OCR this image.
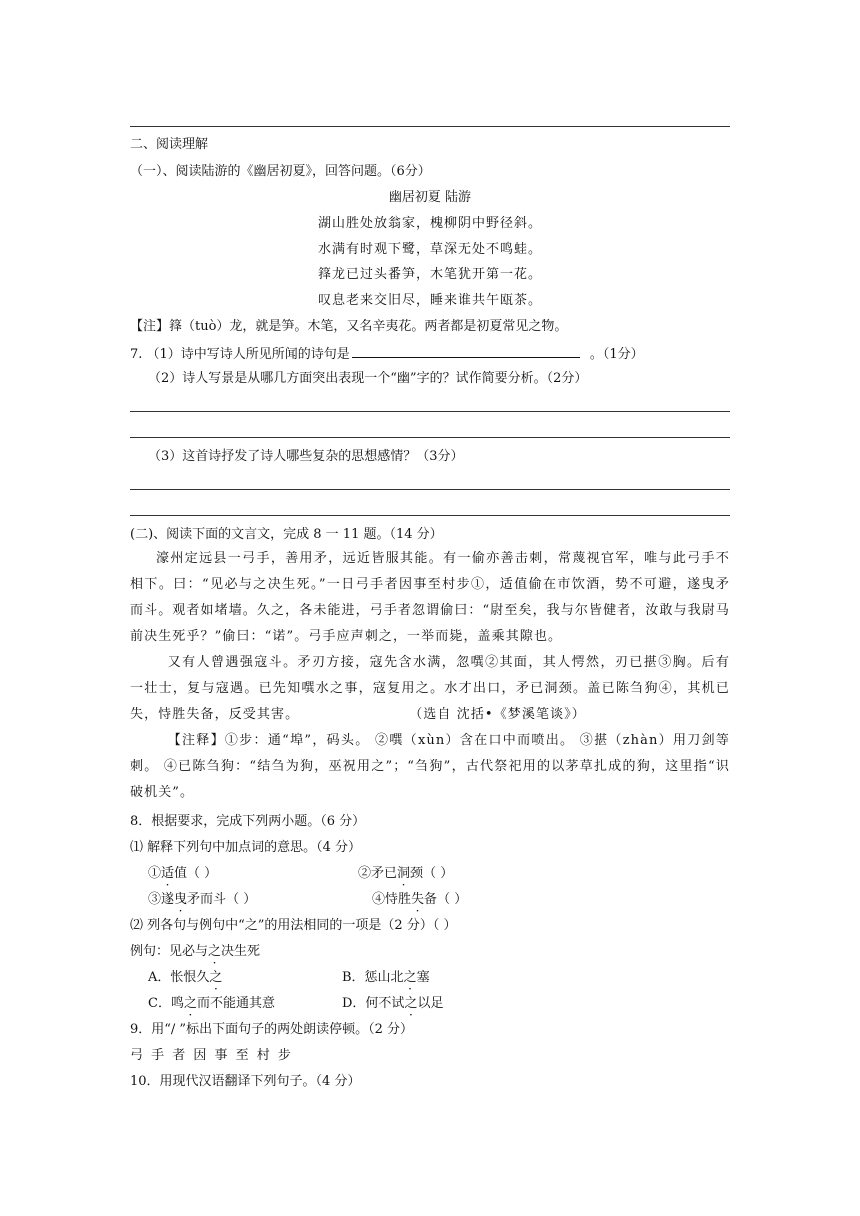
二、阅读理解
（一）、阅读陆游的《幽居初夏》，回答问题。（6分）
幽居初夏 陆游
湖山胜处放翁家，槐柳阴中野径斜。
水满有时观下鹭，草深无处不鸣蛙。
箨龙已过头番笋，木笔犹开第一花。
叹息老来交旧尽，睡来谁共午瓯茶。
【注】箨（tuò）龙，就是笋。木笔，又名辛夷花。两者都是初夏常见之物。
7. （1）诗中写诗人所见所闻的诗句是	。（1分）
（2）诗人写景是从哪几方面突出表现一个“幽”字的？试作简要分析。（2分）
（3）这首诗抒发了诗人哪些复杂的思想感情？（3分）
(二)、阅读下面的文言文，完成 8 一 11 题。（14 分）

濠州定远县一弓手，善用矛，远近皆服其能。有一偷亦善击刺，常蔑视官军，唯与此弓手不相下。曰：“见必与之决生死。”一日弓手者因事至村步①，适值偷在市饮酒，势不可避，遂曳矛而斗。观者如堵墙。久之，各未能进，弓手者忽谓偷曰：“尉至矣，我与尔皆健者，汝敢与我尉马前决生死乎？”偷曰：“诺”。弓手应声刺之，一举而毙，盖乘其隙也。

又有人曾遇强寇斗。矛刃方接，寇先含水满，忽噀②其面，其人愕然，刃已揕③胸。后有一壮士，复与寇遇。已先知噀水之事，寇复用之。水才出口，矛已洞颈。盖已陈刍狗④，其机已失，恃胜失备，反受其害。	（选自 沈括•《梦溪笔谈》）

【注释】①步：通“埠”，码头。 ②噀（xùn）含在口中而喷出。 ③揕（zhàn）用刀剑等刺。 ④已陈刍狗：“结刍为狗，巫祝用之”；“刍狗”，古代祭祀用的以茅草扎成的狗，这里指“识破机关”。

8．根据要求，完成下列两小题。（6 分）
⑴ 解释下列句中加点词的意思。（4 分）
①适值（ ）	②矛已洞颈（ ）
③遂曳矛而斗（ ）	④恃胜失备（ ）
⑵ 列各句与例句中“之”的用法相同的一项是（2 分）（ ）
例句：见必与之决生死
A．怅恨久之	B．惩山北之塞
C．鸣之而不能通其意	D．何不试之以足
9．用“/ ”标出下面句子的两处朗读停顿。（2 分）
弓 手 者 因 事 至 村 步
10．用现代汉语翻译下列句子。（4 分）
